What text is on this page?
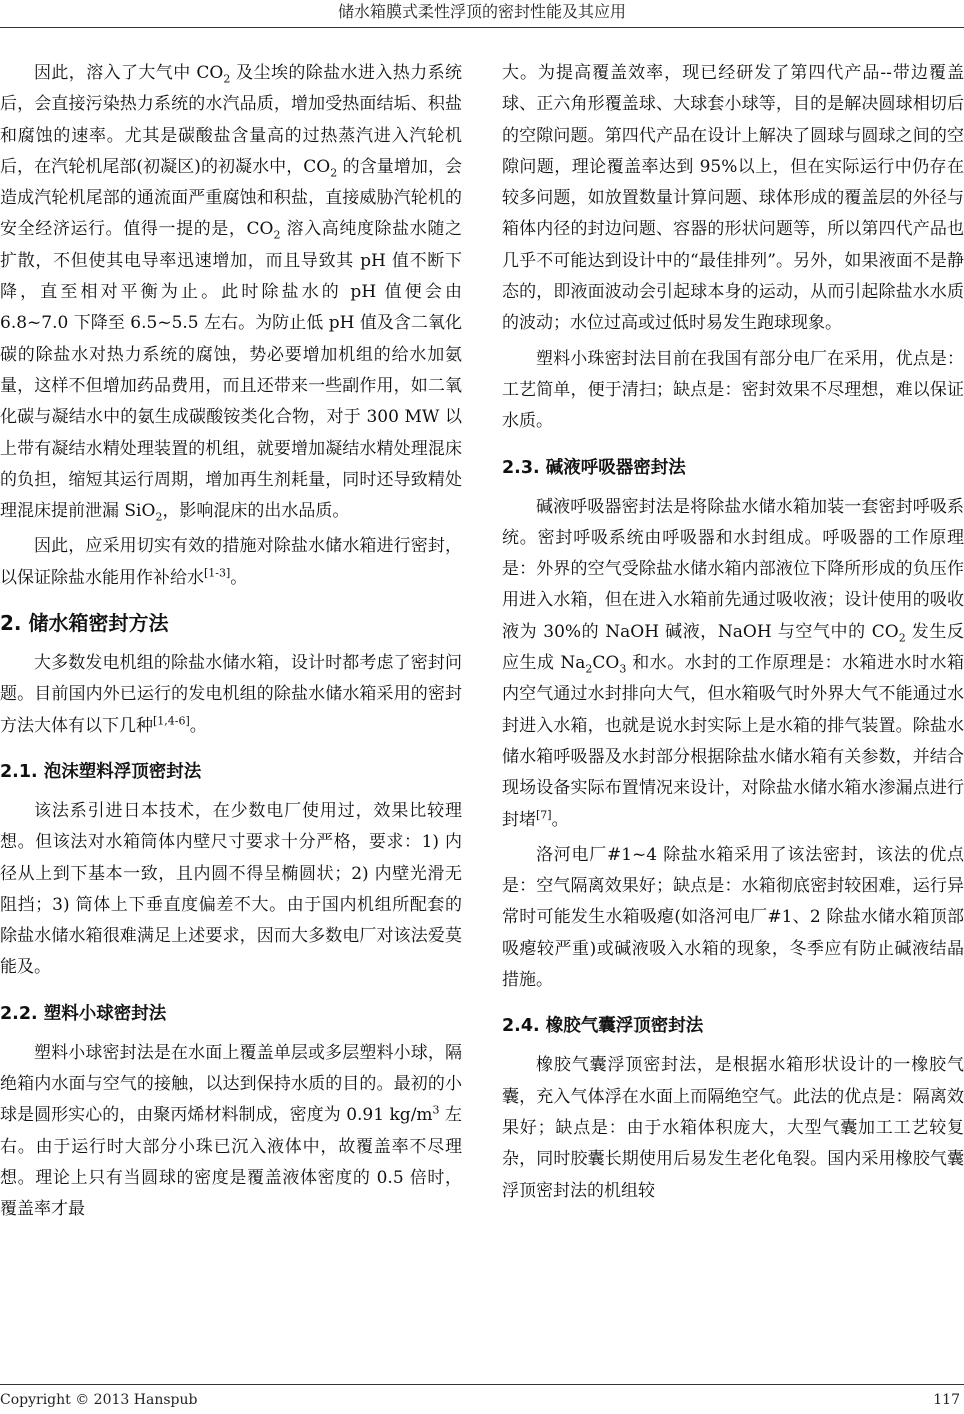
储水箱膜式柔性浮顶的密封性能及其应用

因此，溶入了大气中 $CO_2$ 及尘埃的除盐水进入热力系统后，会直接污染热力系统的水汽品质，增加受热面结垢、积盐和腐蚀的速率。尤其是碳酸盐含量高的过热蒸汽进入汽轮机后，在汽轮机尾部(初凝区)的初凝水中，$CO_2$ 的含量增加，会造成汽轮机尾部的通流面严重腐蚀和积盐，直接威胁汽轮机的安全经济运行。值得一提的是，$CO_2$ 溶入高纯度除盐水随之扩散，不但使其电导率迅速增加，而且导致其 pH 值不断下降，直至相对平衡为止。此时除盐水的 pH 值便会由 6.8~7.0 下降至 6.5~5.5 左右。为防止低 pH 值及含二氧化碳的除盐水对热力系统的腐蚀，势必要增加机组的给水加氨量，这样不但增加药品费用，而且还带来一些副作用，如二氧化碳与凝结水中的氨生成碳酸铵类化合物，对于 300 MW 以上带有凝结水精处理装置的机组，就要增加凝结水精处理混床的负担，缩短其运行周期，增加再生剂耗量，同时还导致精处理混床提前泄漏 SiO$_2$，影响混床的出水品质。

因此，应采用切实有效的措施对除盐水储水箱进行密封，以保证除盐水能用作补给水[1-3]。

2. 储水箱密封方法

大多数发电机组的除盐水储水箱，设计时都考虑了密封问题。目前国内外已运行的发电机组的除盐水储水箱采用的密封方法大体有以下几种[1,4-6]。

2.1. 泡沫塑料浮顶密封法

该法系引进日本技术，在少数电厂使用过，效果比较理想。但该法对水箱筒体内壁尺寸要求十分严格，要求：1) 内径从上到下基本一致，且内圆不得呈椭圆状；2) 内壁光滑无阻挡；3) 筒体上下垂直度偏差不大。由于国内机组所配套的除盐水储水箱很难满足上述要求，因而大多数电厂对该法爱莫能及。

2.2. 塑料小球密封法

塑料小球密封法是在水面上覆盖单层或多层塑料小球，隔绝箱内水面与空气的接触，以达到保持水质的目的。最初的小球是圆形实心的，由聚丙烯材料制成，密度为 0.91 $kg/m^3$ 左右。由于运行时大部分小珠已沉入液体中，故覆盖率不尽理想。理论上只有当圆球的密度是覆盖液体密度的 0.5 倍时，覆盖率才最

大。为提高覆盖效率，现已经研发了第四代产品--带边覆盖球、正六角形覆盖球、大球套小球等，目的是解决圆球相切后的空隙问题。第四代产品在设计上解决了圆球与圆球之间的空隙问题，理论覆盖率达到 95%以上，但在实际运行中仍存在较多问题，如放置数量计算问题、球体形成的覆盖层的外径与箱体内径的封边问题、容器的形状问题等，所以第四代产品也几乎不可能达到设计中的“最佳排列”。另外，如果液面不是静态的，即液面波动会引起球本身的运动，从而引起除盐水水质的波动；水位过高或过低时易发生跑球现象。

塑料小珠密封法目前在我国有部分电厂在采用，优点是：工艺简单，便于清扫；缺点是：密封效果不尽理想，难以保证水质。

2.3. 碱液呼吸器密封法

碱液呼吸器密封法是将除盐水储水箱加装一套密封呼吸系统。密封呼吸系统由呼吸器和水封组成。呼吸器的工作原理是：外界的空气受除盐水储水箱内部液位下降所形成的负压作用进入水箱，但在进入水箱前先通过吸收液；设计使用的吸收液为 30%的 NaOH 碱液，NaOH 与空气中的 $CO_2$ 发生反应生成 $Na_2CO_3$ 和水。水封的工作原理是：水箱进水时水箱内空气通过水封排向大气，但水箱吸气时外界大气不能通过水封进入水箱，也就是说水封实际上是水箱的排气装置。除盐水储水箱呼吸器及水封部分根据除盐水储水箱有关参数，并结合现场设备实际布置情况来设计，对除盐水储水箱水渗漏点进行封堵[7]。

洛河电厂#1~4 除盐水箱采用了该法密封，该法的优点是：空气隔离效果好；缺点是：水箱彻底密封较困难，运行异常时可能发生水箱吸瘪(如洛河电厂#1、2 除盐水储水箱顶部吸瘪较严重)或碱液吸入水箱的现象，冬季应有防止碱液结晶措施。

2.4. 橡胶气囊浮顶密封法

橡胶气囊浮顶密封法，是根据水箱形状设计的一橡胶气囊，充入气体浮在水面上而隔绝空气。此法的优点是：隔离效果好；缺点是：由于水箱体积庞大，大型气囊加工工艺较复杂，同时胶囊长期使用后易发生老化龟裂。国内采用橡胶气囊浮顶密封法的机组较

Copyright © 2013 Hanspub	117
